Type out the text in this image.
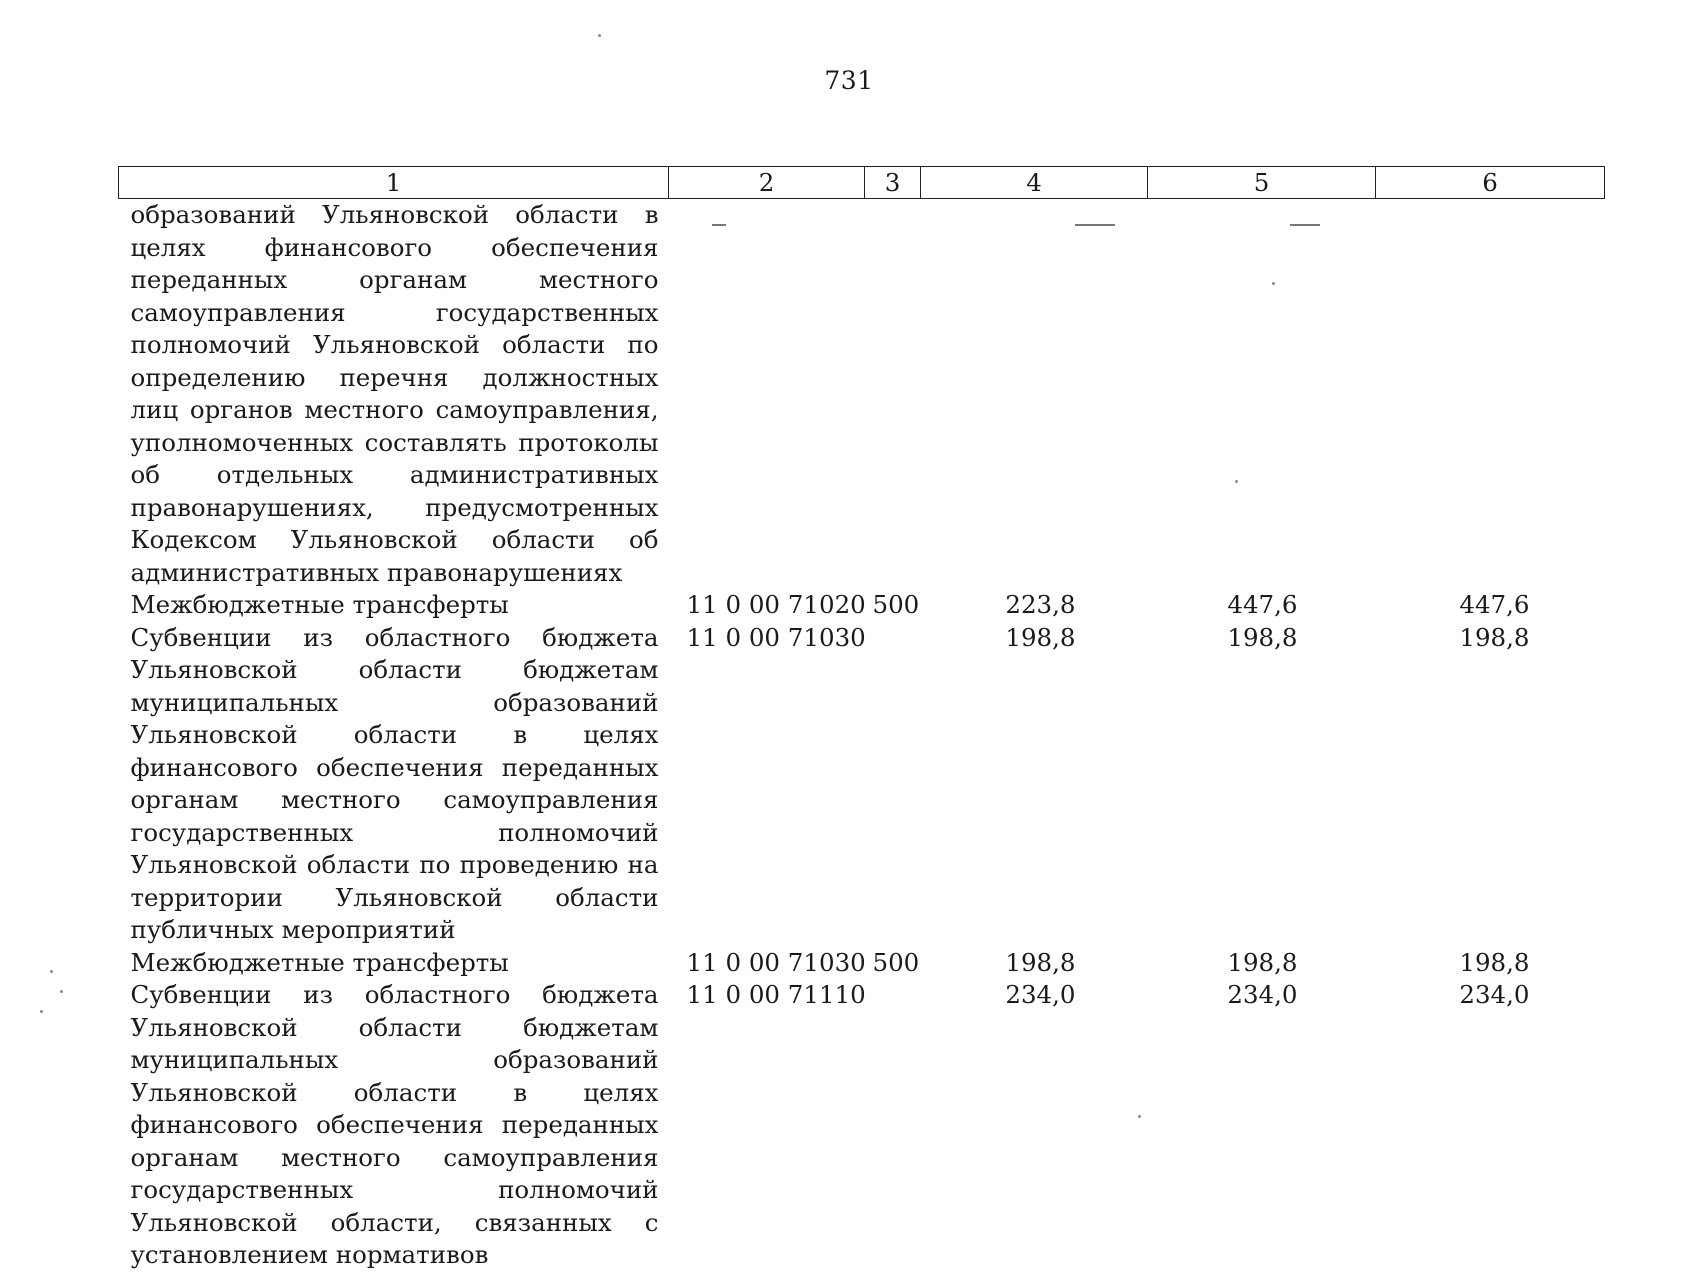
731
1	2	3	4	5	6
образований Ульяновской области в целях финансового обеспечения переданных органам местного самоуправления государственных полномочий Ульяновской области по определению перечня должностных лиц органов местного самоуправления, уполномоченных составлять протоколы об отдельных административных правонарушениях, предусмотренных Кодексом Ульяновской области об административных правонарушениях					
Межбюджетные трансферты	11 0 00 71020	500	223,8	447,6	447,6
Субвенции из областного бюджета Ульяновской области бюджетам муниципальных образований Ульяновской области в целях финансового обеспечения переданных органам местного самоуправления государственных полномочий Ульяновской области по проведению на территории Ульяновской области публичных мероприятий	11 0 00 71030		198,8	198,8	198,8
Межбюджетные трансферты	11 0 00 71030	500	198,8	198,8	198,8
Субвенции из областного бюджета Ульяновской области бюджетам муниципальных образований Ульяновской области в целях финансового обеспечения переданных органам местного самоуправления государственных полномочий Ульяновской области, связанных с установлением нормативов	11 0 00 71110		234,0	234,0	234,0
